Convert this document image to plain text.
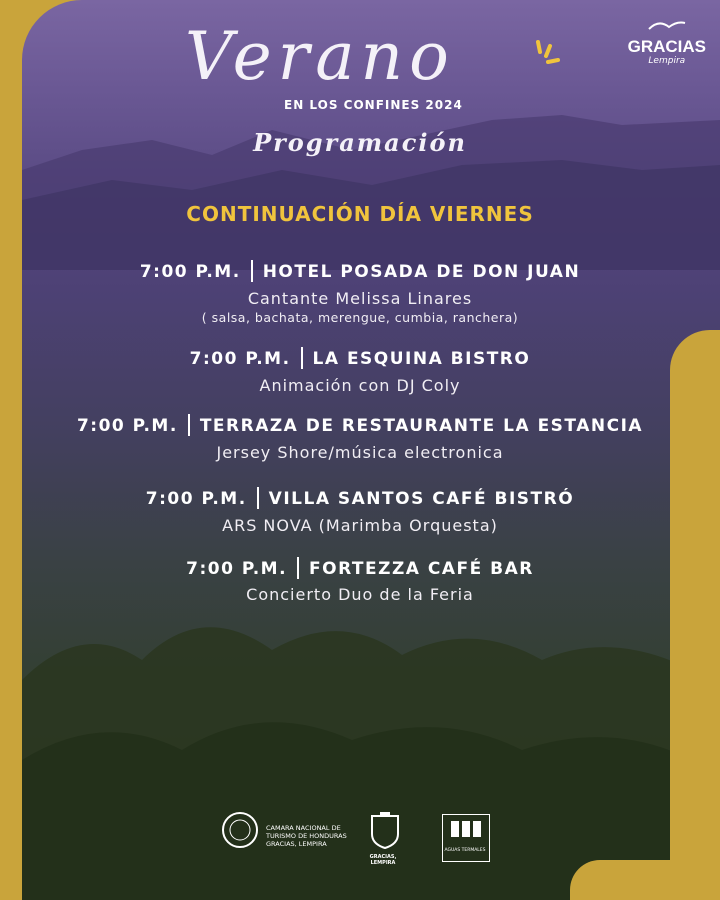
Verano
EN LOS CONFINES 2024
Programación
GRACIAS
Lempira
CONTINUACIÓN DÍA VIERNES
7:00 P.M. HOTEL POSADA DE DON JUAN
Cantante Melissa Linares
( salsa, bachata, merengue, cumbia, ranchera)
7:00 P.M. LA ESQUINA BISTRO
Animación con DJ Coly
7:00 P.M. TERRAZA DE RESTAURANTE LA ESTANCIA
Jersey Shore/música electronica
7:00 P.M. VILLA SANTOS CAFÉ BISTRÓ
ARS NOVA (Marimba Orquesta)
7:00 P.M. FORTEZZA CAFÉ BAR
Concierto Duo de la Feria
CAMARA NACIONAL DE TURISMO DE HONDURAS GRACIAS, LEMPIRA
GRACIAS, LEMPIRA
AGUAS TERMALES
